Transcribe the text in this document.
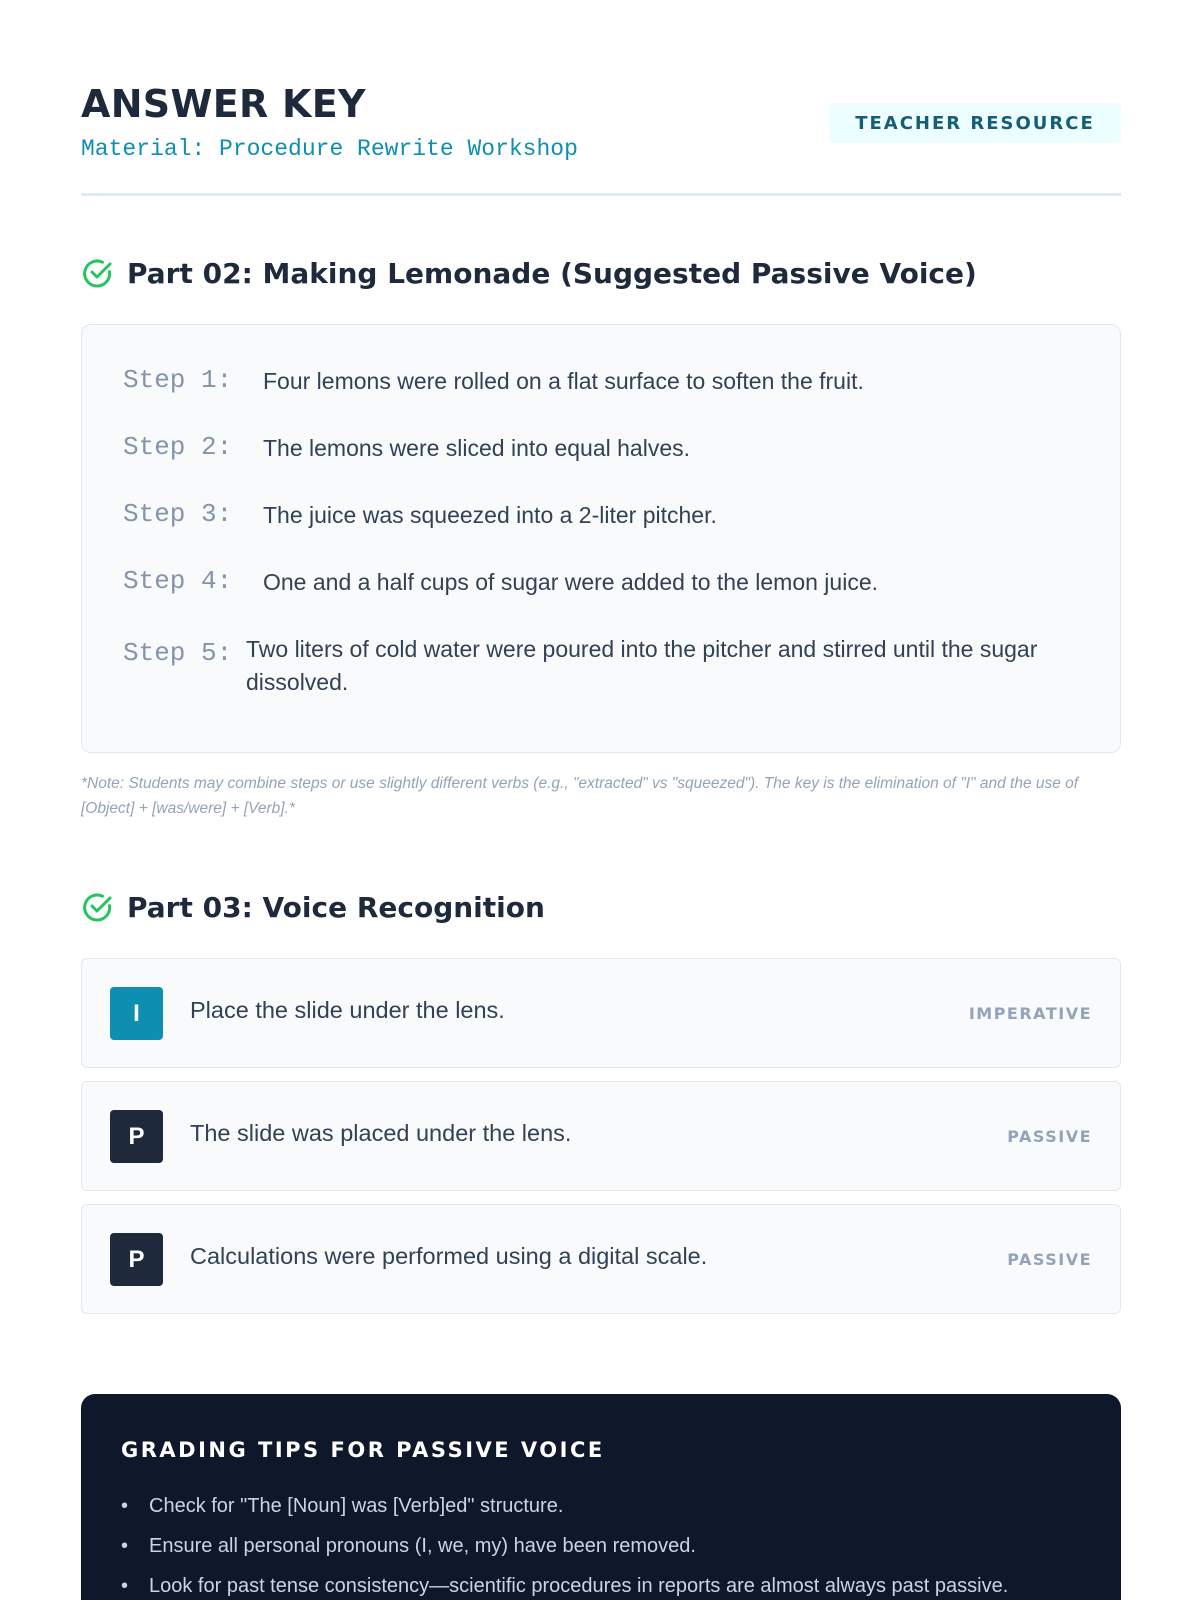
ANSWER KEY
Material: Procedure Rewrite Workshop
TEACHER RESOURCE
Part 02: Making Lemonade (Suggested Passive Voice)
Step 1:	Four lemons were rolled on a flat surface to soften the fruit.
Step 2:	The lemons were sliced into equal halves.
Step 3:	The juice was squeezed into a 2-liter pitcher.
Step 4:	One and a half cups of sugar were added to the lemon juice.
Step 5: Two liters of cold water were poured into the pitcher and stirred until the sugar dissolved.
*Note: Students may combine steps or use slightly different verbs (e.g., "extracted" vs "squeezed"). The key is the elimination of "I" and the use of [Object] + [was/were] + [Verb].*
Part 03: Voice Recognition
I	Place the slide under the lens.	IMPERATIVE
P	The slide was placed under the lens.	PASSIVE
P	Calculations were performed using a digital scale.	PASSIVE
GRADING TIPS FOR PASSIVE VOICE
• Check for "The [Noun] was [Verb]ed" structure.
• Ensure all personal pronouns (I, we, my) have been removed.
• Look for past tense consistency—scientific procedures in reports are almost always past passive.
